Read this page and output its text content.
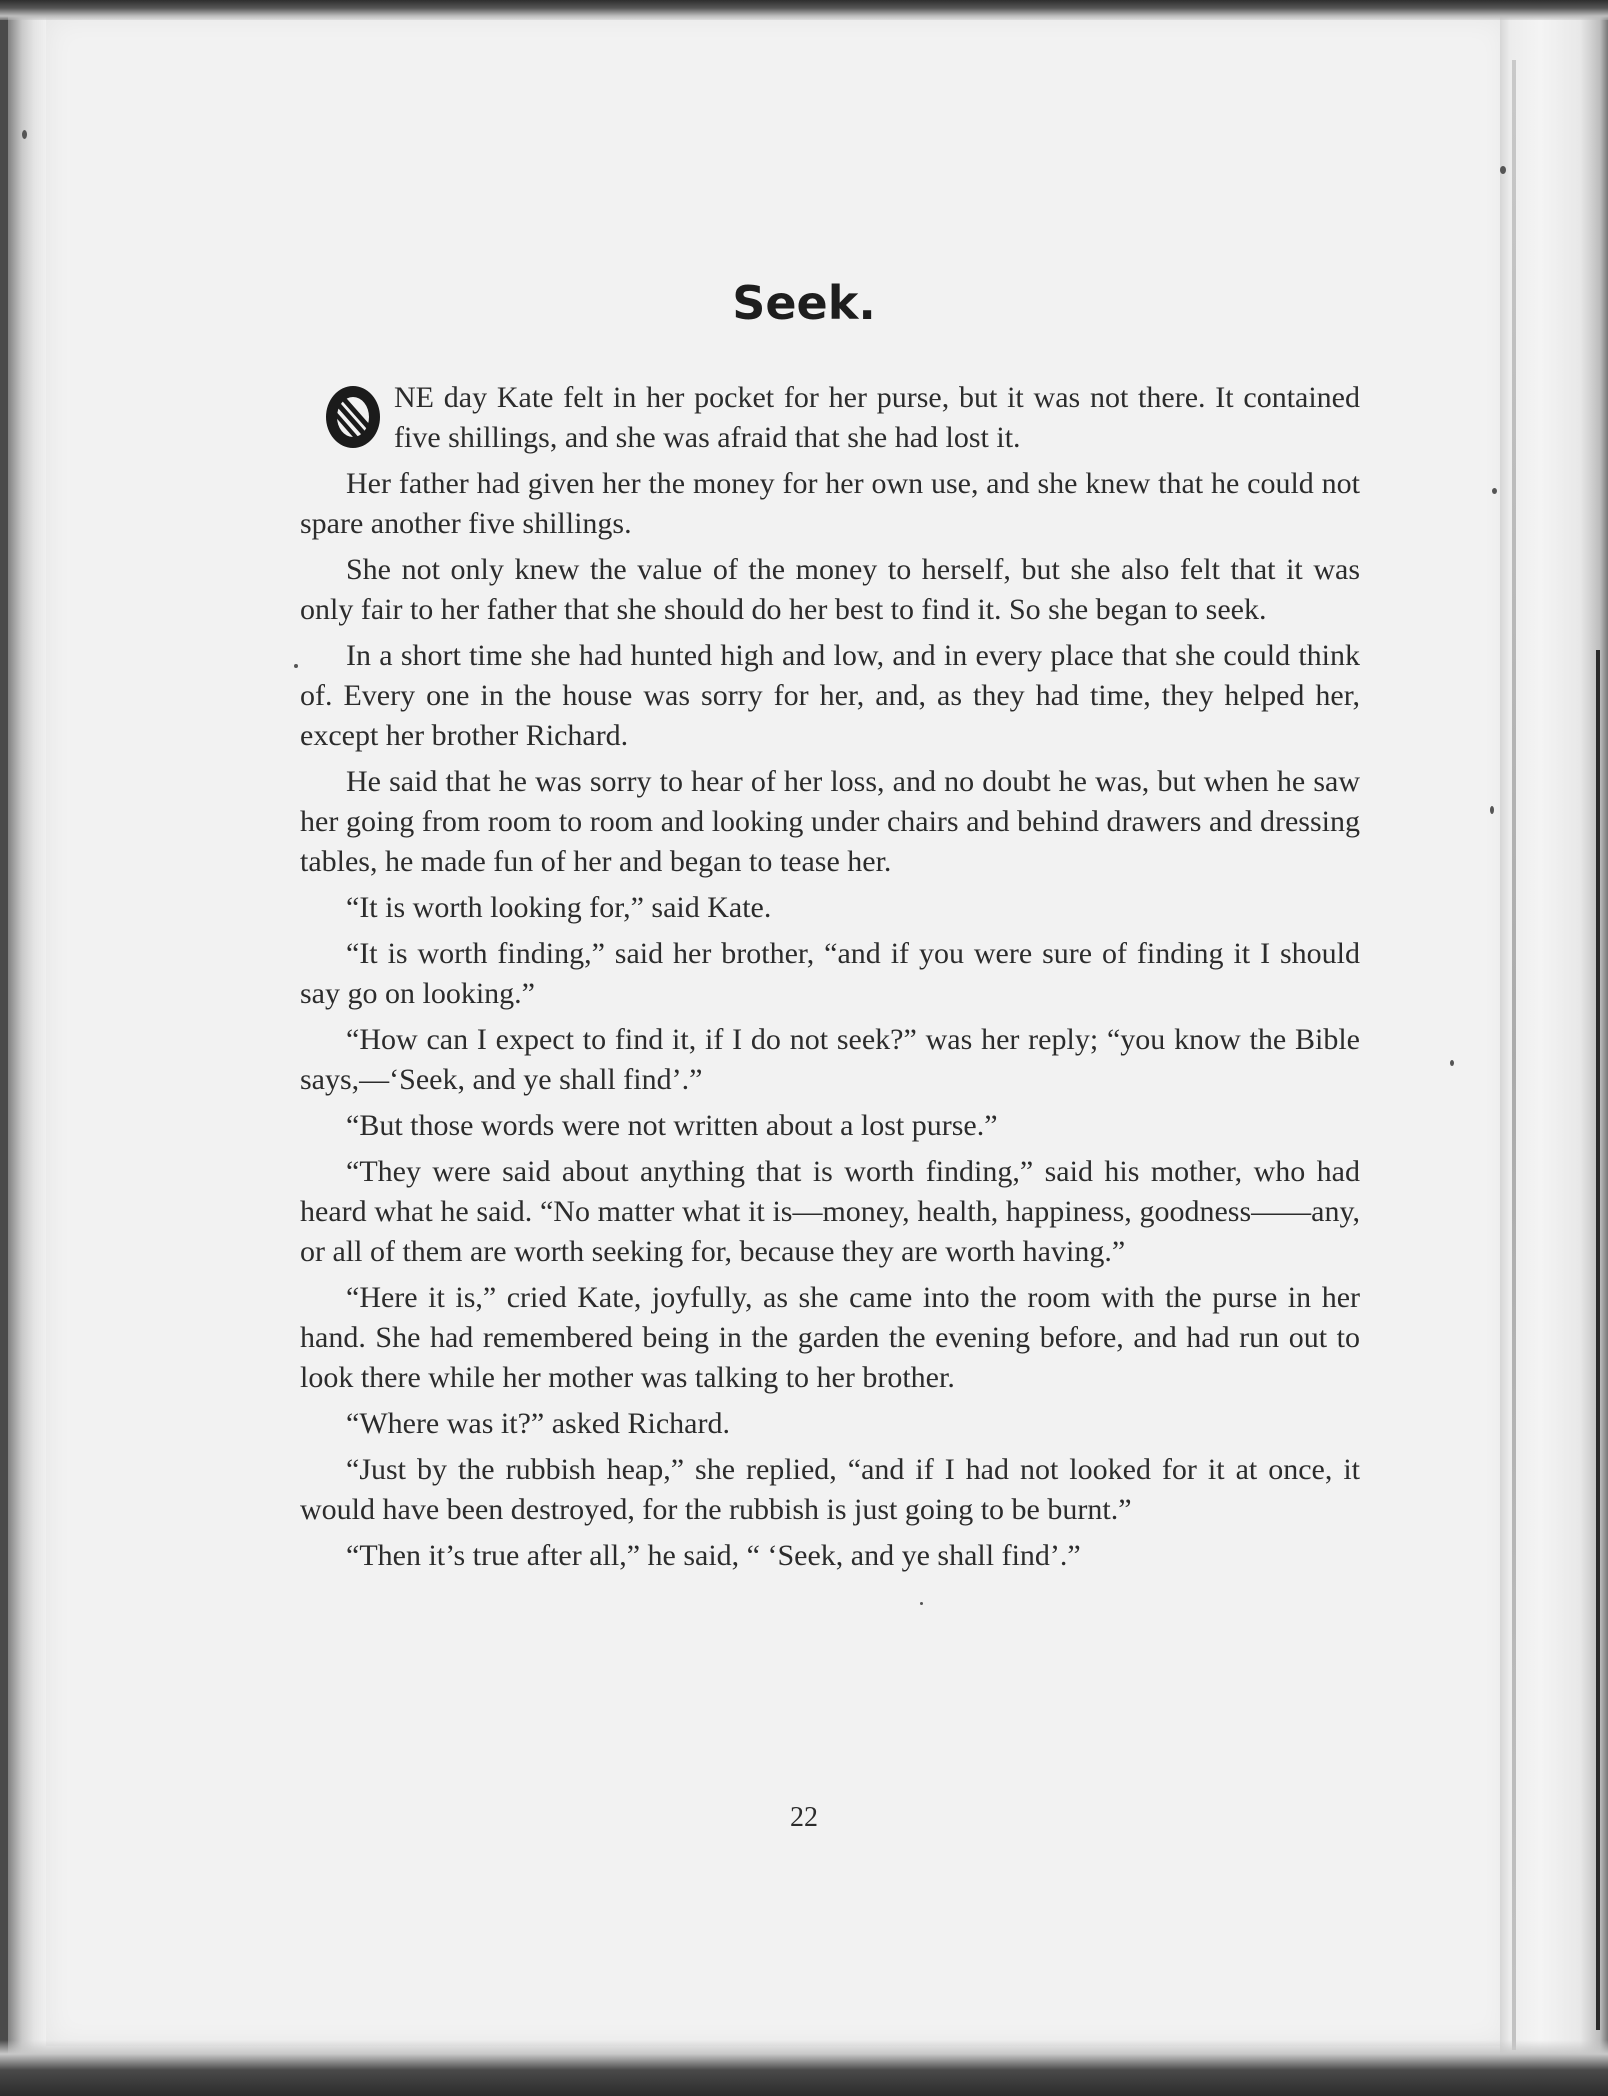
Seek.

NE day Kate felt in her pocket for her purse, but it was not there. It contained five shillings, and she was afraid that she had lost it.

Her father had given her the money for her own use, and she knew that he could not spare another five shillings.

She not only knew the value of the money to herself, but she also felt that it was only fair to her father that she should do her best to find it. So she began to seek.

In a short time she had hunted high and low, and in every place that she could think of. Every one in the house was sorry for her, and, as they had time, they helped her, except her brother Richard.

He said that he was sorry to hear of her loss, and no doubt he was, but when he saw her going from room to room and looking under chairs and behind drawers and dressing tables, he made fun of her and began to tease her.

“It is worth looking for,” said Kate.

“It is worth finding,” said her brother, “and if you were sure of finding it I should say go on looking.”

“How can I expect to find it, if I do not seek?” was her reply; “you know the Bible says,—‘Seek, and ye shall find’.”

“But those words were not written about a lost purse.”

“They were said about anything that is worth finding,” said his mother, who had heard what he said. “No matter what it is—money, health, happiness, goodness——any, or all of them are worth seeking for, because they are worth having.”

“Here it is,” cried Kate, joyfully, as she came into the room with the purse in her hand. She had remembered being in the garden the evening before, and had run out to look there while her mother was talking to her brother.

“Where was it?” asked Richard.

“Just by the rubbish heap,” she replied, “and if I had not looked for it at once, it would have been destroyed, for the rubbish is just going to be burnt.”

“Then it’s true after all,” he said, “ ‘Seek, and ye shall find’.”

22
